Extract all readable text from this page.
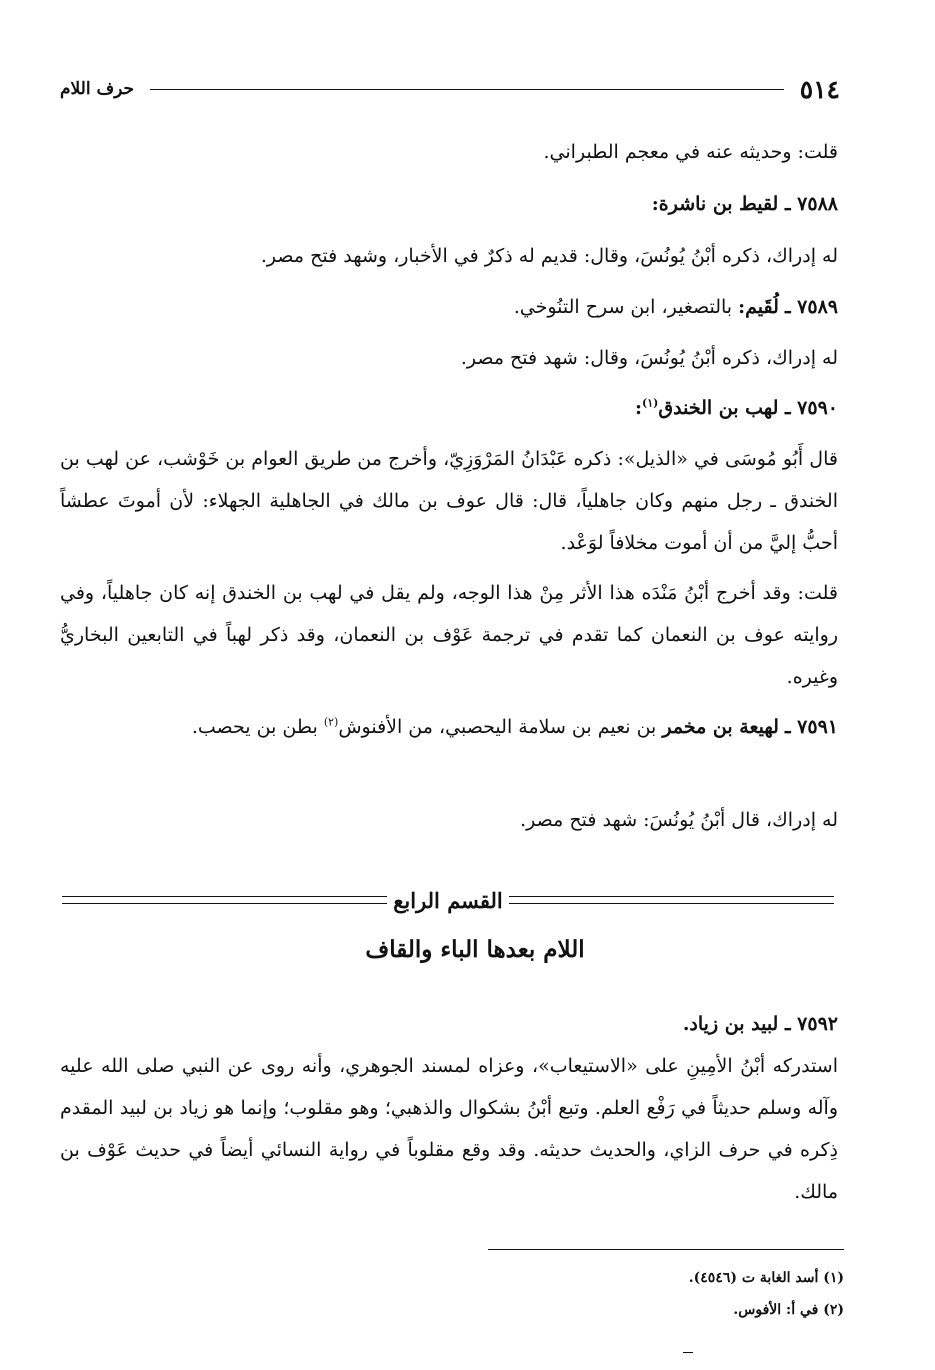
٥١٤
حرف اللام
قلت: وحديثه عنه في معجم الطبراني.
٧٥٨٨ ـ لقيط بن ناشرة:
له إدراك، ذكره أبْنُ يُونُسَ، وقال: قديم له ذكرٌ في الأخبار، وشهد فتح مصر.
٧٥٨٩ ـ لُقَيم: بالتصغير، ابن سرح التنُوخي.
له إدراك، ذكره أبْنُ يُونُسَ، وقال: شهد فتح مصر.
٧٥٩٠ ـ لهب بن الخندق$^{(١)}$:
قال أَبُو مُوسَى في «الذيل»: ذكره عَبْدَانُ المَرْوَزِيّ، وأخرج من طريق العوام بن خَوْشب، عن لهب بن الخندق ـ رجل منهم وكان جاهلياً، قال: قال عوف بن مالك في الجاهلية الجهلاء: لأن أموتَ عطشاً أحبُّ إليَّ من أن أموت مخلافاً لوَعْد.
قلت: وقد أخرج أبْنُ مَنْدَه هذا الأثر مِنْ هذا الوجه، ولم يقل في لهب بن الخندق إنه كان جاهلياً، وفي روايته عوف بن النعمان كما تقدم في ترجمة عَوْف بن النعمان، وقد ذكر لهباً في التابعين البخاريُّ وغيره.
٧٥٩١ ـ لهيعة بن مخمر بن نعيم بن سلامة اليحصبي، من الأفنوش$^{(٢)}$ بطن بن يحصب.
له إدراك، قال أبْنُ يُونُسَ: شهد فتح مصر.
القسم الرابع
اللام بعدها الباء والقاف
٧٥٩٢ ـ لبيد بن زياد.
استدركه أبْنُ الأمِينِ على «الاستيعاب»، وعزاه لمسند الجوهري، وأنه روى عن النبي صلى الله عليه وآله وسلم حديثاً في رَفْع العلم. وتبع أبْنُ بشكوال والذهبي؛ وهو مقلوب؛ وإنما هو زياد بن لبيد المقدم ذِكره في حرف الزاي، والحديث حديثه. وقد وقع مقلوباً في رواية النسائي أيضاً في حديث عَوْف بن مالك.
(١) أسد الغابة ت (٤٥٤٦).
(٢) في أ: الأفوس.
